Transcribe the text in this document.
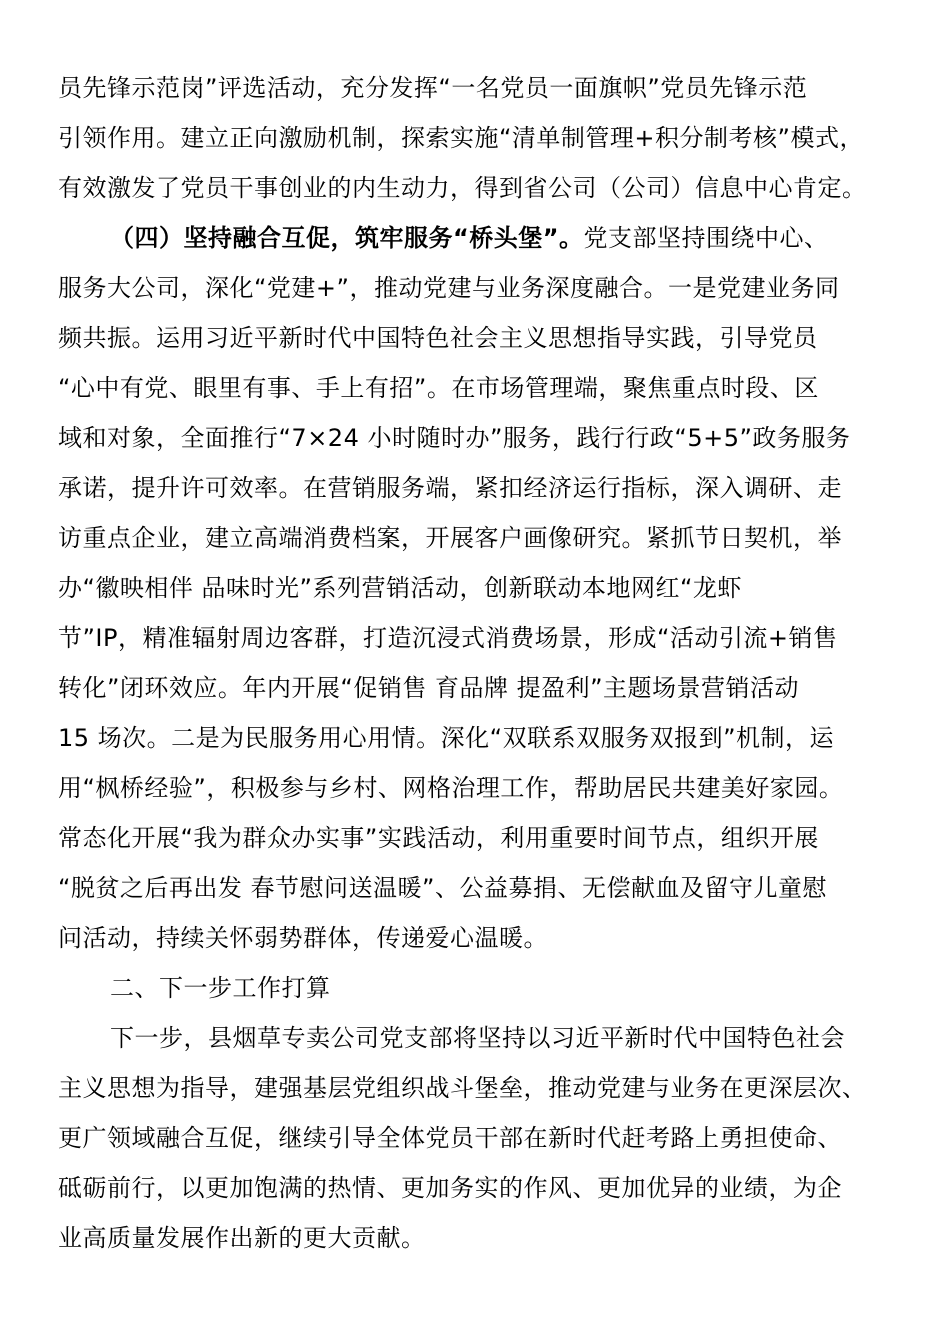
员先锋示范岗”评选活动，充分发挥“一名党员一面旗帜”党员先锋示范
引领作用。建立正向激励机制，探索实施“清单制管理+积分制考核”模式，
有效激发了党员干事创业的内生动力，得到省公司（公司）信息中心肯定。
（四）坚持融合互促，筑牢服务“桥头堡”。党支部坚持围绕中心、
服务大公司，深化“党建+”，推动党建与业务深度融合。一是党建业务同
频共振。运用习近平新时代中国特色社会主义思想指导实践，引导党员
“心中有党、眼里有事、手上有招”。在市场管理端，聚焦重点时段、区
域和对象，全面推行“7×24 小时随时办”服务，践行行政“5+5”政务服务
承诺，提升许可效率。在营销服务端，紧扣经济运行指标，深入调研、走
访重点企业，建立高端消费档案，开展客户画像研究。紧抓节日契机，举
办“徽映相伴 品味时光”系列营销活动，创新联动本地网红“龙虾
节”IP，精准辐射周边客群，打造沉浸式消费场景，形成“活动引流+销售
转化”闭环效应。年内开展“促销售 育品牌 提盈利”主题场景营销活动
15 场次。二是为民服务用心用情。深化“双联系双服务双报到”机制，运
用“枫桥经验”，积极参与乡村、网格治理工作，帮助居民共建美好家园。
常态化开展“我为群众办实事”实践活动，利用重要时间节点，组织开展
“脱贫之后再出发 春节慰问送温暖”、公益募捐、无偿献血及留守儿童慰
问活动，持续关怀弱势群体，传递爱心温暖。
二、下一步工作打算
下一步，县烟草专卖公司党支部将坚持以习近平新时代中国特色社会
主义思想为指导，建强基层党组织战斗堡垒，推动党建与业务在更深层次、
更广领域融合互促，继续引导全体党员干部在新时代赶考路上勇担使命、
砥砺前行，以更加饱满的热情、更加务实的作风、更加优异的业绩，为企
业高质量发展作出新的更大贡献。
